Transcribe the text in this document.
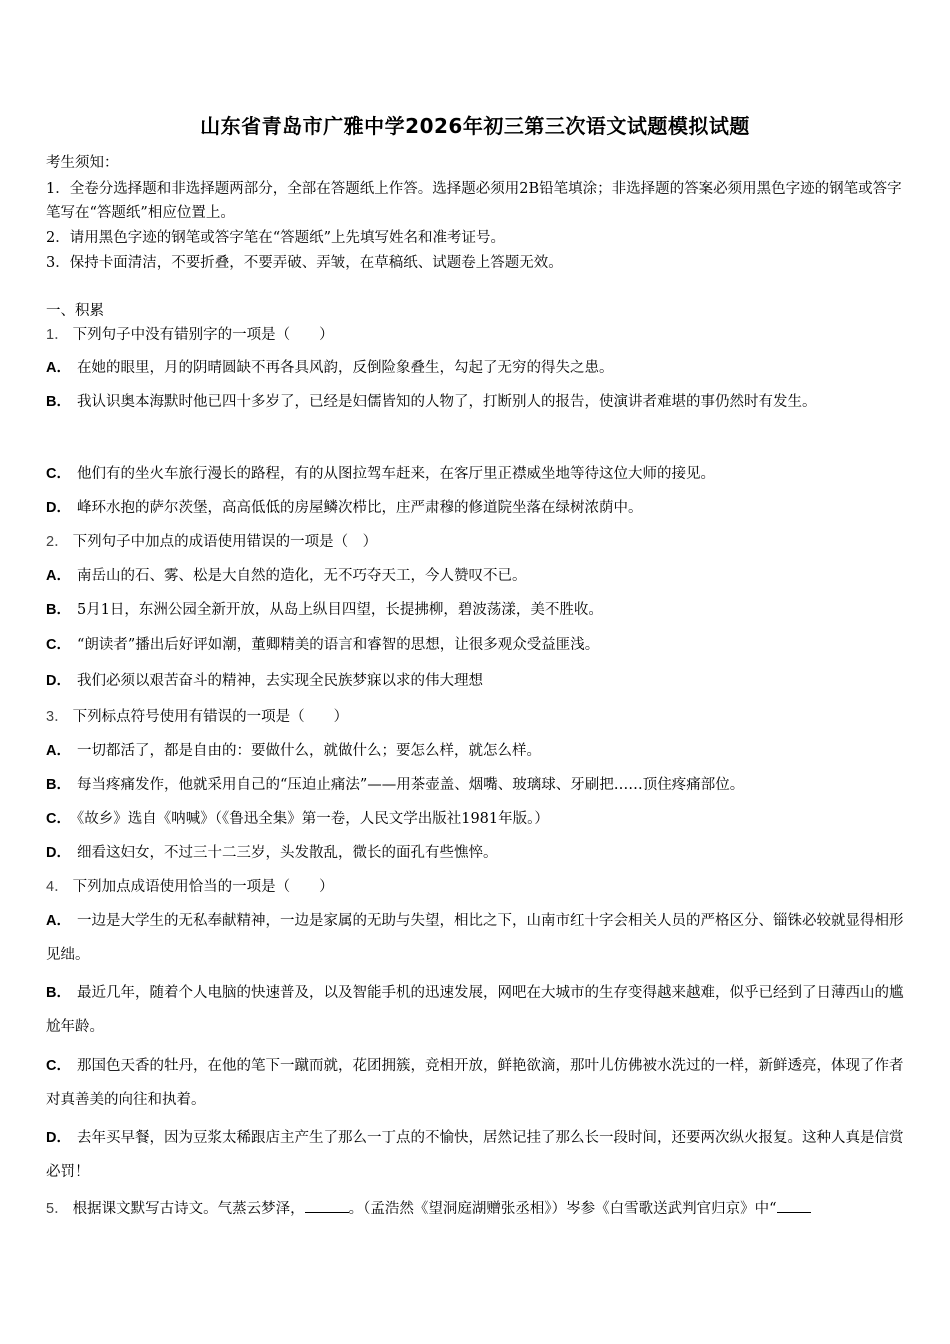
山东省青岛市广雅中学2026年初三第三次语文试题模拟试题
考生须知：
1．全卷分选择题和非选择题两部分，全部在答题纸上作答。选择题必须用2B铅笔填涂；非选择题的答案必须用黑色字迹的钢笔或答字笔写在“答题纸”相应位置上。
2．请用黑色字迹的钢笔或答字笔在“答题纸”上先填写姓名和准考证号。
3．保持卡面清洁，不要折叠，不要弄破、弄皱，在草稿纸、试题卷上答题无效。
一、积累
1． 下列句子中没有错别字的一项是（　　）
A． 在她的眼里，月的阴晴圆缺不再各具风韵，反倒险象叠生，勾起了无穷的得失之患。
B． 我认识奥本海默时他已四十多岁了，已经是妇儒皆知的人物了，打断别人的报告，使演讲者难堪的事仍然时有发生。
C． 他们有的坐火车旅行漫长的路程，有的从图拉驾车赶来，在客厅里正襟威坐地等待这位大师的接见。
D． 峰环水抱的萨尔茨堡，高高低低的房屋鳞次栉比，庄严肃穆的修道院坐落在绿树浓荫中。
2． 下列句子中加点的成语使用错误的一项是（　）
A． 南岳山的石、雾、松是大自然的造化，无不巧夺天工，今人赞叹不已。
B． 5月1日，东洲公园全新开放，从岛上纵目四望，长提拂柳，碧波荡漾，美不胜收。
C． “朗读者”播出后好评如潮，董卿精美的语言和睿智的思想，让很多观众受益匪浅。
D． 我们必须以艰苦奋斗的精神，去实现全民族梦寐以求的伟大理想
3． 下列标点符号使用有错误的一项是（　　）
A． 一切都活了，都是自由的：要做什么，就做什么；要怎么样，就怎么样。
B． 每当疼痛发作，他就采用自己的“压迫止痛法”——用茶壶盖、烟嘴、玻璃球、牙刷把……顶住疼痛部位。
C． 《故乡》选自《呐喊》（《鲁迅全集》第一卷，人民文学出版社1981年版。）
D． 细看这妇女，不过三十二三岁，头发散乱，微长的面孔有些憔悴。
4． 下列加点成语使用恰当的一项是（　　）
A． 一边是大学生的无私奉献精神，一边是家属的无助与失望，相比之下，山南市红十字会相关人员的严格区分、锱铢必较就显得相形见绌。
B． 最近几年，随着个人电脑的快速普及，以及智能手机的迅速发展，网吧在大城市的生存变得越来越难，似乎已经到了日薄西山的尴尬年龄。
C． 那国色天香的牡丹，在他的笔下一蹴而就，花团拥簇，竞相开放，鲜艳欲滴，那叶儿仿佛被水洗过的一样，新鲜透亮，体现了作者对真善美的向往和执着。
D． 去年买早餐，因为豆浆太稀跟店主产生了那么一丁点的不愉快，居然记挂了那么长一段时间，还要两次纵火报复。这种人真是信赏必罚！
5． 根据课文默写古诗文。气蒸云梦泽，	。（孟浩然《望洞庭湖赠张丞相》）岑参《白雪歌送武判官归京》中“
